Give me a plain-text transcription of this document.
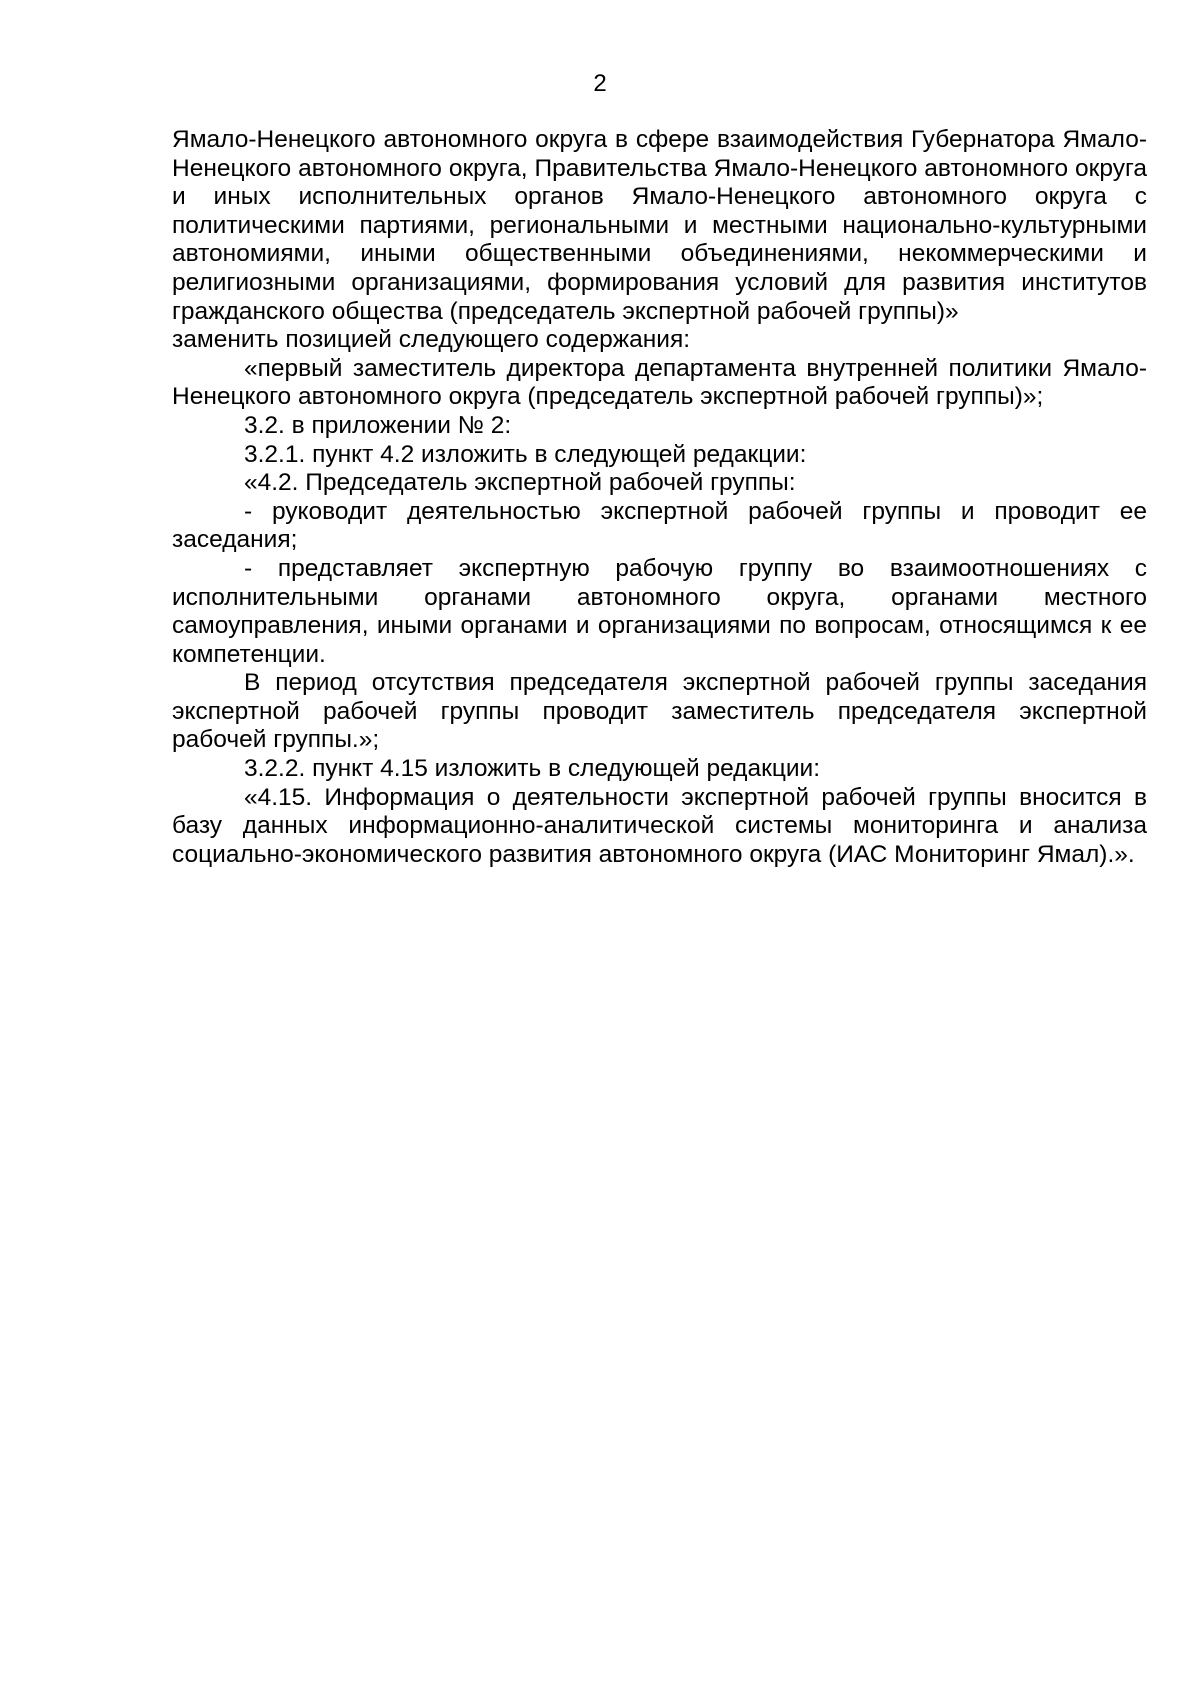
2

Ямало-Ненецкого автономного округа в сфере взаимодействия Губернатора Ямало-Ненецкого автономного округа, Правительства Ямало-Ненецкого автономного округа и иных исполнительных органов Ямало-Ненецкого автономного округа с политическими партиями, региональными и местными национально-культурными автономиями, иными общественными объединениями, некоммерческими и религиозными организациями, формирования условий для развития институтов гражданского общества (председатель экспертной рабочей группы)»

заменить позицией следующего содержания:

«первый заместитель директора департамента внутренней политики Ямало-Ненецкого автономного округа (председатель экспертной рабочей группы)»;

3.2. в приложении № 2:

3.2.1. пункт 4.2 изложить в следующей редакции:

«4.2. Председатель экспертной рабочей группы:

- руководит деятельностью экспертной рабочей группы и проводит ее заседания;

- представляет экспертную рабочую группу во взаимоотношениях с исполнительными органами автономного округа, органами местного самоуправления, иными органами и организациями по вопросам, относящимся к ее компетенции.

В период отсутствия председателя экспертной рабочей группы заседания экспертной рабочей группы проводит заместитель председателя экспертной рабочей группы.»;

3.2.2. пункт 4.15 изложить в следующей редакции:

«4.15. Информация о деятельности экспертной рабочей группы вносится в базу данных информационно-аналитической системы мониторинга и анализа социально-экономического развития автономного округа (ИАС Мониторинг Ямал).».
